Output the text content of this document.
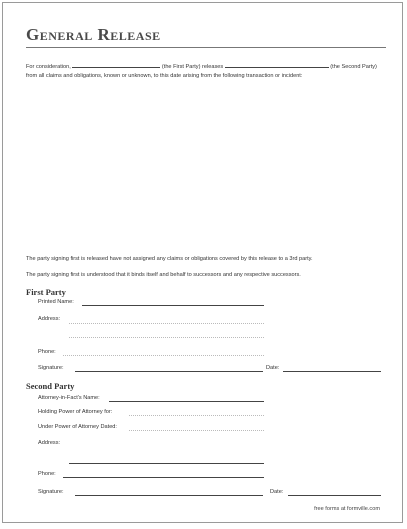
General Release
For consideration,	(the First Party) releases	(the Second Party) from all claims and obligations, known or unknown, to this date arising from the following transaction or incident:
The party signing first is released have not assigned any claims or obligations covered by this release to a 3rd party.
The party signing first is understood that it binds itself and behalf to successors and any respective successors.
First Party
Printed Name:
Address:
Phone:
Signature:	Date:
Second Party
Attorney-in-Fact's Name:
Holding Power of Attorney for:
Under Power of Attorney Dated:
Address:
Phone:
Signature:	Date:
free forms at formville.com
